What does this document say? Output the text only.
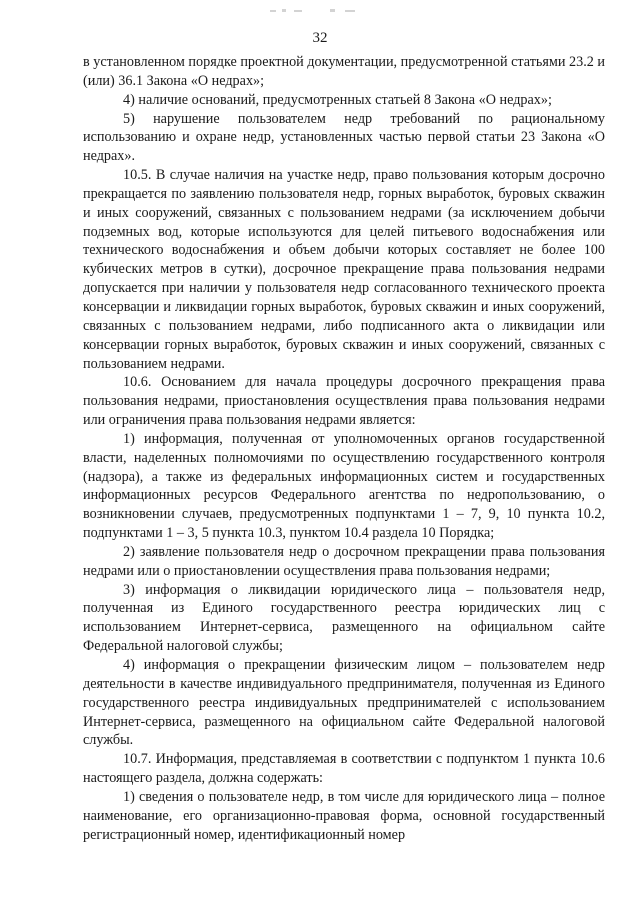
32

в установленном порядке проектной документации, предусмотренной статьями 23.2 и (или) 36.1 Закона «О недрах»;

4) наличие оснований, предусмотренных статьей 8 Закона «О недрах»;

5) нарушение пользователем недр требований по рациональному использованию и охране недр, установленных частью первой статьи 23 Закона «О недрах».

10.5. В случае наличия на участке недр, право пользования которым досрочно прекращается по заявлению пользователя недр, горных выработок, буровых скважин и иных сооружений, связанных с пользованием недрами (за исключением добычи подземных вод, которые используются для целей питьевого водоснабжения или технического водоснабжения и объем добычи которых составляет не более 100 кубических метров в сутки), досрочное прекращение права пользования недрами допускается при наличии у пользователя недр согласованного технического проекта консервации и ликвидации горных выработок, буровых скважин и иных сооружений, связанных с пользованием недрами, либо подписанного акта о ликвидации или консервации горных выработок, буровых скважин и иных сооружений, связанных с пользованием недрами.

10.6. Основанием для начала процедуры досрочного прекращения права пользования недрами, приостановления осуществления права пользования недрами или ограничения права пользования недрами является:

1) информация, полученная от уполномоченных органов государственной власти, наделенных полномочиями по осуществлению государственного контроля (надзора), а также из федеральных информационных систем и государственных информационных ресурсов Федерального агентства по недропользованию, о возникновении случаев, предусмотренных подпунктами 1 – 7, 9, 10 пункта 10.2, подпунктами 1 – 3, 5 пункта 10.3, пунктом 10.4 раздела 10 Порядка;

2) заявление пользователя недр о досрочном прекращении права пользования недрами или о приостановлении осуществления права пользования недрами;

3) информация о ликвидации юридического лица – пользователя недр, полученная из Единого государственного реестра юридических лиц с использованием Интернет-сервиса, размещенного на официальном сайте Федеральной налоговой службы;

4) информация о прекращении физическим лицом – пользователем недр деятельности в качестве индивидуального предпринимателя, полученная из Единого государственного реестра индивидуальных предпринимателей с использованием Интернет-сервиса, размещенного на официальном сайте Федеральной налоговой службы.

10.7. Информация, представляемая в соответствии с подпунктом 1 пункта 10.6 настоящего раздела, должна содержать:

1) сведения о пользователе недр, в том числе для юридического лица – полное наименование, его организационно-правовая форма, основной государственный регистрационный номер, идентификационный номер
